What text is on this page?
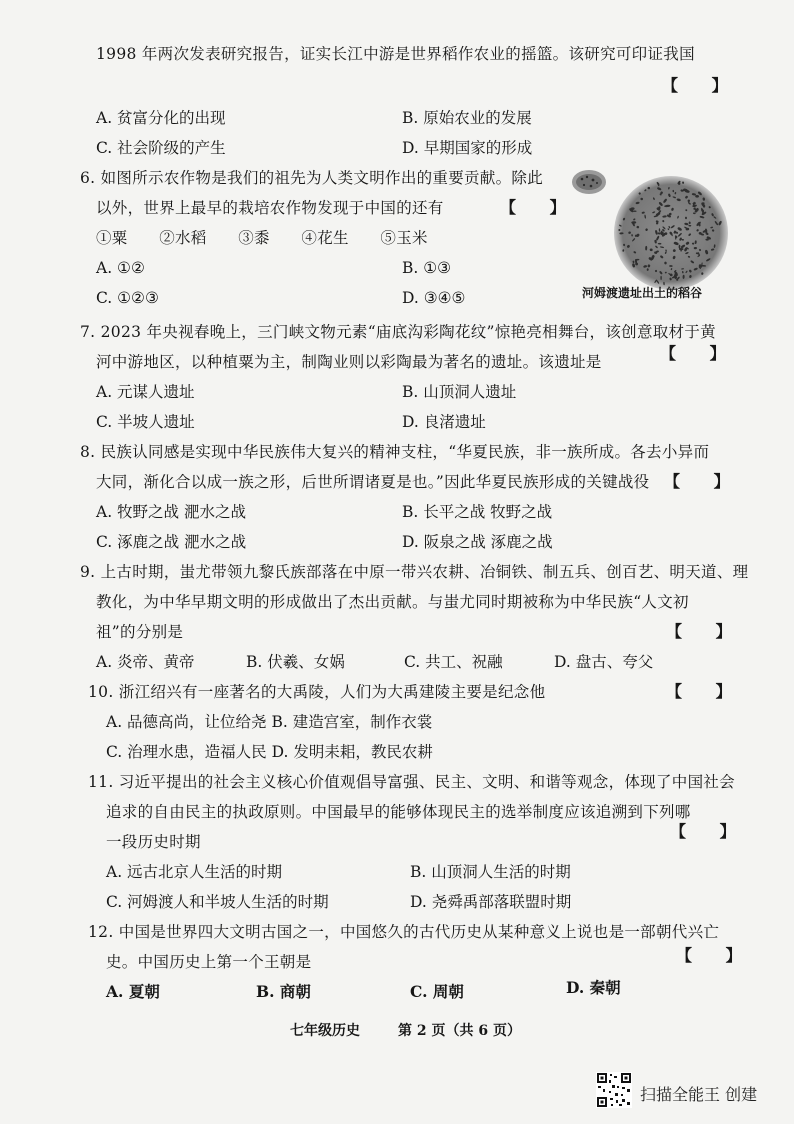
1998 年两次发表研究报告，证实长江中游是世界稻作农业的摇篮。该研究可印证我国
【 】
A. 贫富分化的出现	B. 原始农业的发展
C. 社会阶级的产生	D. 早期国家的形成
6. 如图所示农作物是我们的祖先为人类文明作出的重要贡献。除此
以外，世界上最早的栽培农作物发现于中国的还有	【 】
①粟　　②水稻　　③黍　　④花生　　⑤玉米
A. ①②	B. ①③
C. ①②③	D. ③④⑤	河姆渡遗址出土的稻谷
7. 2023 年央视春晚上，三门峡文物元素“庙底沟彩陶花纹”惊艳亮相舞台，该创意取材于黄
河中游地区，以种植粟为主，制陶业则以彩陶最为著名的遗址。该遗址是	【 】
A. 元谋人遗址	B. 山顶洞人遗址
C. 半坡人遗址	D. 良渚遗址
8. 民族认同感是实现中华民族伟大复兴的精神支柱，“华夏民族，非一族所成。各去小异而
大同，渐化合以成一族之形，后世所谓诸夏是也。”因此华夏民族形成的关键战役 【 】
A. 牧野之战 淝水之战	B. 长平之战 牧野之战
C. 涿鹿之战 淝水之战	D. 阪泉之战 涿鹿之战
9. 上古时期，蚩尤带领九黎氏族部落在中原一带兴农耕、冶铜铁、制五兵、创百艺、明天道、理
教化，为中华早期文明的形成做出了杰出贡献。与蚩尤同时期被称为中华民族“人文初
祖”的分别是	【 】
A. 炎帝、黄帝	B. 伏羲、女娲	C. 共工、祝融	D. 盘古、夸父
10. 浙江绍兴有一座著名的大禹陵，人们为大禹建陵主要是纪念他	【 】
A. 品德高尚，让位给尧 B. 建造宫室，制作衣裳
C. 治理水患，造福人民 D. 发明耒耜，教民农耕
11. 习近平提出的社会主义核心价值观倡导富强、民主、文明、和谐等观念，体现了中国社会
追求的自由民主的执政原则。中国最早的能够体现民主的选举制度应该追溯到下列哪
一段历史时期
【 】
A. 远古北京人生活的时期	B. 山顶洞人生活的时期
C. 河姆渡人和半坡人生活的时期	D. 尧舜禹部落联盟时期
12. 中国是世界四大文明古国之一，中国悠久的古代历史从某种意义上说也是一部朝代兴亡
史。中国历史上第一个王朝是	【 】
A. 夏朝	B. 商朝	C. 周朝	D. 秦朝
七年级历史	第 2 页（共 6 页）
扫描全能王 创建
